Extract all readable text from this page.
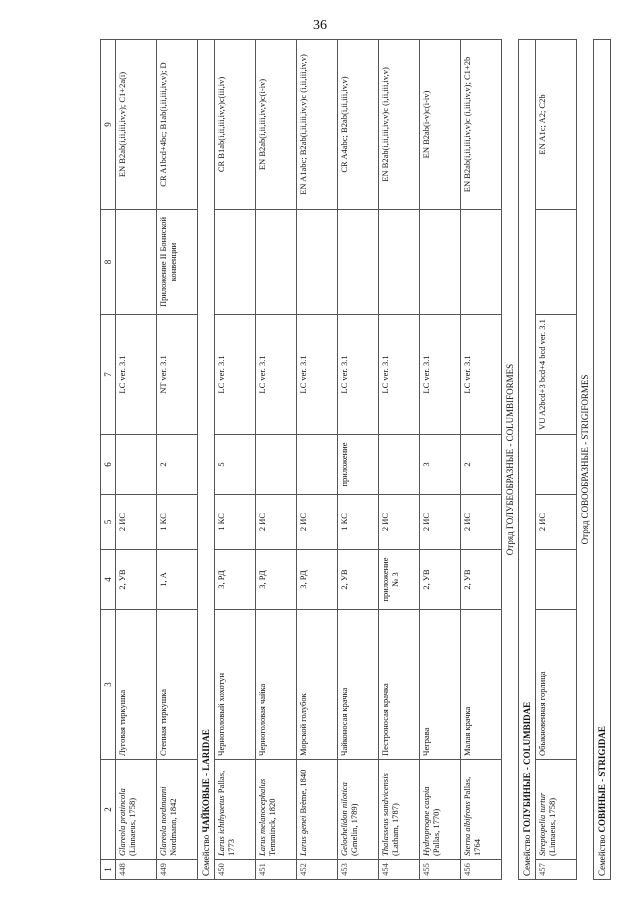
36
1	2	3	4	5	6	7	8	9
448	Glareola pratincola (Linnaeus, 1758)	Луговая тиркушка	2, УВ	2 ИС		LC ver. 3.1		EN B2ab(i,ii,iii,iv,v); C1+2a(i)
449	Glareola nordmanni Nordmann, 1842	Степная тиркушка	1, А	1 КС	2	NT ver. 3.1	Приложение II Боннской конвенции	CR A1bcd+4bc; B1ab(i,ii,iii,iv,v); D
Семейство ЧАЙКОВЫЕ - LARIDAE								
450	Larus ichthyaetus Pallas, 1773	Черноголовый хохотун	3, РД	1 КС	5	LC ver. 3.1		CR B1ab(i,ii,iii,iv,v)c(iii,iv)
451	Larus melanocephalus Temminck, 1820	Черноголовая чайка	3, РД	2 ИС		LC ver. 3.1		EN B2ab(i,ii,iii,iv,v)c(i-iv)
452	Larus genei Brème, 1840	Морской голубок	3, РД	2 ИС		LC ver. 3.1		EN A1abc; B2ab(i,ii,iii,iv,v)c (i,ii,iii,iv,v)
453	Gelochelidon nilotica (Gmelin, 1789)	Чайконосая крачка	2, УВ	1 КС	приложение	LC ver. 3.1		CR A4abc; B2ab(i,ii,iii,iv,v)
454	Thalasseus sandvicensis (Latham, 1787)	Пестроносая крачка	приложение № 3	2 ИС		LC ver. 3.1		EN B2ab(i,ii,iii,iv,v)c (i,ii,iii,iv,v)
455	Hydroprogne caspia (Pallas, 1770)	Чеграва	2, УВ	2 ИС	3	LC ver. 3.1		EN B2ab(i-v)c(i-iv)
456	Sterna albifrons Pallas, 1764	Малая крачка	2, УВ	2 ИС	2	LC ver. 3.1		EN B2ab(i,ii,iii,iv,v)c (i,iii,iv,v); C1+2b
Отряд ГОЛУБЕОБРАЗНЫЕ - COLUMBIFORMES								
Семейство ГОЛУБИНЫЕ - COLUMBIDAE								
457	Streptopelia turtur (Linnaeus, 1758)	Обыкновенная горлица		2 ИС		VU A2bcd+3 bcd+4 bcd ver. 3.1		EN A1c; A2; C2b
Отряд СОВООБРАЗНЫЕ - STRIGIFORMES								
Семейство СОВИНЫЕ - STRIGIDAE								
